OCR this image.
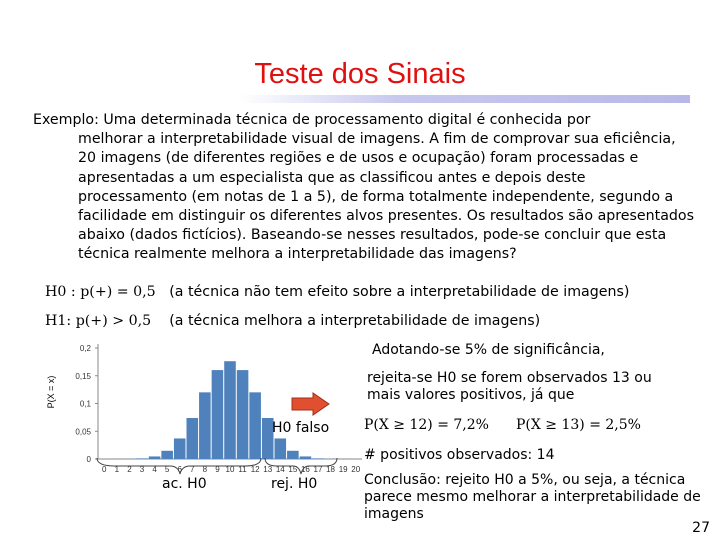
Teste dos Sinais
Exemplo: Uma determinada técnica de processamento digital é conhecida por
melhorar a interpretabilidade visual de imagens. A fim de comprovar sua eficiência, 20 imagens (de diferentes regiões e de usos e ocupação) foram processadas e apresentadas a um especialista que as classificou antes e depois deste processamento (em notas de 1 a 5), de forma totalmente independente, segundo a facilidade em distinguir os diferentes alvos presentes. Os resultados são apresentados abaixo (dados fictícios). Baseando-se nesses resultados, pode-se concluir que esta técnica realmente melhora a interpretabilidade das imagens?
H0 : p(+) = 0,5 (a técnica não tem efeito sobre a interpretabilidade de imagens)
H1: p(+) > 0,5 (a técnica melhora a interpretabilidade de imagens)
0
0,05
0,1
0,15
0,2
0 1 2 3 4 5 6 7 8 9 10 11 12 13 14 15 16 17 18 19 20
P(X = x)
ac. H0	rej. H0
H0 falso
Adotando-se 5% de significância,
rejeita-se H0 se forem observados 13 ou mais valores positivos, já que
P(X ≥ 12) = 7,2% P(X ≥ 13) = 2,5%
# positivos observados: 14
Conclusão: rejeito H0 a 5%, ou seja, a técnica parece mesmo melhorar a interpretabilidade de imagens
27
